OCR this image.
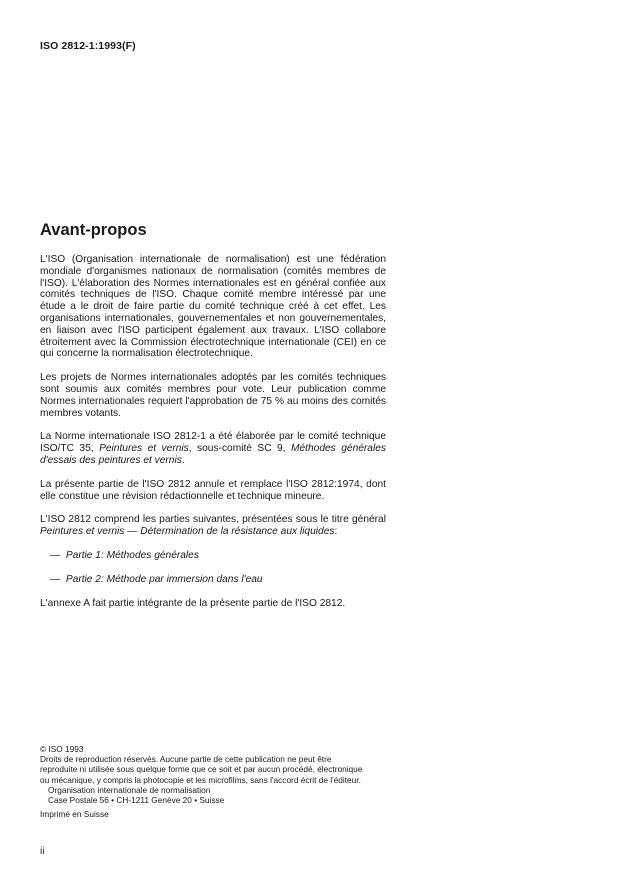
ISO 2812-1:1993(F)
Avant-propos

L'ISO (Organisation internationale de normalisation) est une fédération mondiale d'organismes nationaux de normalisation (comités membres de l'ISO). L'élaboration des Normes internationales est en général confiée aux comités techniques de l'ISO. Chaque comité membre intéressé par une étude a le droit de faire partie du comité technique créé à cet effet. Les organisations internationales, gouvernementales et non gouvernementales, en liaison avec l'ISO participent également aux travaux. L'ISO collabore étroitement avec la Commission électrotechnique internationale (CEI) en ce qui concerne la normalisation électrotechnique.

Les projets de Normes internationales adoptés par les comités techniques sont soumis aux comités membres pour vote. Leur publication comme Normes internationales requiert l'approbation de 75 % au moins des comités membres votants.

La Norme internationale ISO 2812-1 a été élaborée par le comité technique ISO/TC 35, Peintures et vernis, sous-comité SC 9, Méthodes générales d'essais des peintures et vernis.

La présente partie de l'ISO 2812 annule et remplace l'ISO 2812:1974, dont elle constitue une révision rédactionnelle et technique mineure.

L'ISO 2812 comprend les parties suivantes, présentées sous le titre général Peintures et vernis — Détermination de la résistance aux liquides:

— Partie 1: Méthodes générales

— Partie 2: Méthode par immersion dans l'eau

L'annexe A fait partie intégrante de la présente partie de l'ISO 2812.

© ISO 1993
Droits de reproduction réservés. Aucune partie de cette publication ne peut être reproduite ni utilisée sous quelque forme que ce soit et par aucun procédé, électronique ou mécanique, y compris la photocopie et les microfilms, sans l'accord écrit de l'éditeur.
Organisation internationale de normalisation
Case Postale 56 • CH-1211 Genève 20 • Suisse
Imprimé en Suisse
ii
